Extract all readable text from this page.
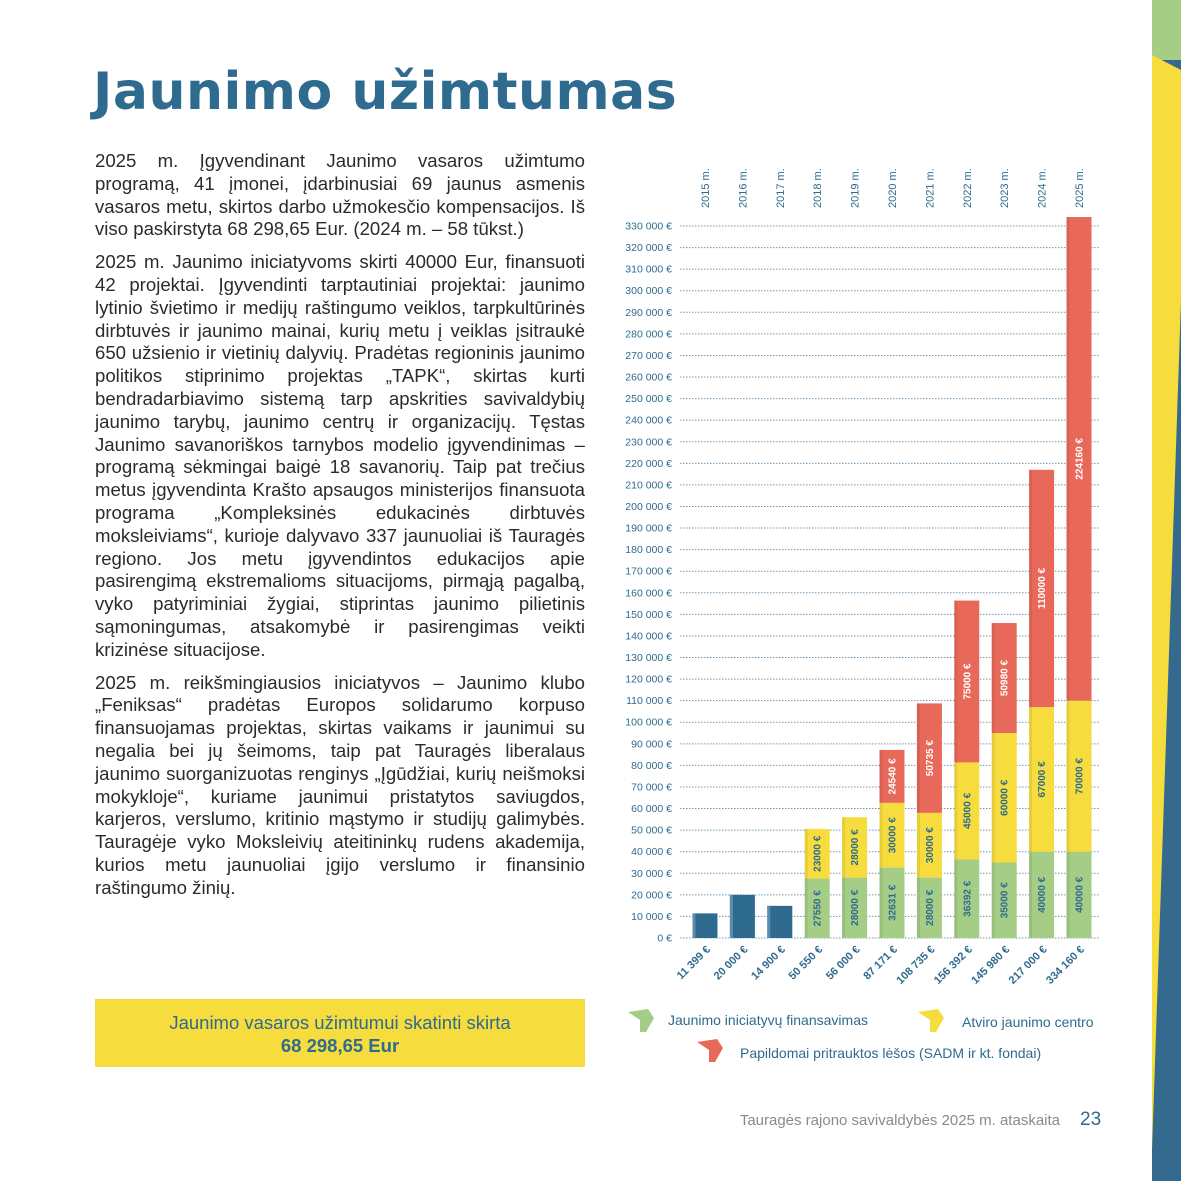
Jaunimo užimtumas

2025 m. Įgyvendinant Jaunimo vasaros užimtumo programą, 41 įmonei, įdarbinusiai 69 jaunus asmenis vasaros metu, skirtos darbo užmokesčio kompensacijos. Iš viso paskirstyta 68 298,65 Eur. (2024 m. – 58 tūkst.)

2025 m. Jaunimo iniciatyvoms skirti 40000 Eur, finansuoti 42 projektai. Įgyvendinti tarptautiniai projektai: jaunimo lytinio švietimo ir medijų raštingumo veiklos, tarpkultūrinės dirbtuvės ir jaunimo mainai, kurių metu į veiklas įsitraukė 650 užsienio ir vietinių dalyvių. Pradėtas regioninis jaunimo politikos stiprinimo projektas „TAPK“, skirtas kurti bendradarbiavimo sistemą tarp apskrities savivaldybių jaunimo tarybų, jaunimo centrų ir organizacijų. Tęstas Jaunimo savanoriškos tarnybos modelio įgyvendinimas – programą sėkmingai baigė 18 savanorių. Taip pat trečius metus įgyvendinta Krašto apsaugos ministerijos finansuota programa „Kompleksinės edukacinės dirbtuvės moksleiviams“, kurioje dalyvavo 337 jaunuoliai iš Tauragės regiono. Jos metu įgyvendintos edukacijos apie pasirengimą ekstremalioms situacijoms, pirmąją pagalbą, vyko patyriminiai žygiai, stiprintas jaunimo pilietinis sąmoningumas, atsakomybė ir pasirengimas veikti krizinėse situacijose.

2025 m. reikšmingiausios iniciatyvos – Jaunimo klubo „Feniksas“ pradėtas Europos solidarumo korpuso finansuojamas projektas, skirtas vaikams ir jaunimui su negalia bei jų šeimoms, taip pat Tauragės liberalaus jaunimo suorganizuotas renginys „Įgūdžiai, kurių neišmoksi mokykloje“, kuriame jaunimui pristatytos saviugdos, karjeros, verslumo, kritinio mąstymo ir studijų galimybės. Tauragėje vyko Moksleivių ateitininkų rudens akademija, kurios metu jaunuoliai įgijo verslumo ir finansinio raštingumo žinių.

Jaunimo vasaros užimtumui skatinti skirta
68 298,65 Eur
0 €
10 000 €
20 000 €
30 000 €
40 000 €
50 000 €
60 000 €
70 000 €
80 000 €
90 000 €
100 000 €
110 000 €
120 000 €
130 000 €
140 000 €
150 000 €
160 000 €
170 000 €
180 000 €
190 000 €
200 000 €
210 000 €
220 000 €
230 000 €
240 000 €
250 000 €
260 000 €
270 000 €
280 000 €
290 000 €
300 000 €
310 000 €
320 000 €
330 000 €
2015 m. 2016 m. 2017 m. 2018 m. 2019 m. 2020 m. 2021 m. 2022 m. 2023 m. 2024 m. 2025 m.
27550 €
23000 €
28000 €
28000 €
32631 €
30000 €
24540 €
28000 €
30000 €
50735 €
36392 €
45000 €
75000 €
35000 €
60000 €
50980 €
40000 €
67000 €
110000 €
40000 €
70000 €
224160 €
11 399 €
20 000 €
14 900 €
50 550 €
56 000 €
87 171 €
108 735 €
156 392 €
145 980 €
217 000 €
334 160 €
Jaunimo iniciatyvų finansavimas	Atviro jaunimo centro
Papildomai pritrauktos lėšos (SADM ir kt. fondai)
Tauragės rajono savivaldybės 2025 m. ataskaita 23
